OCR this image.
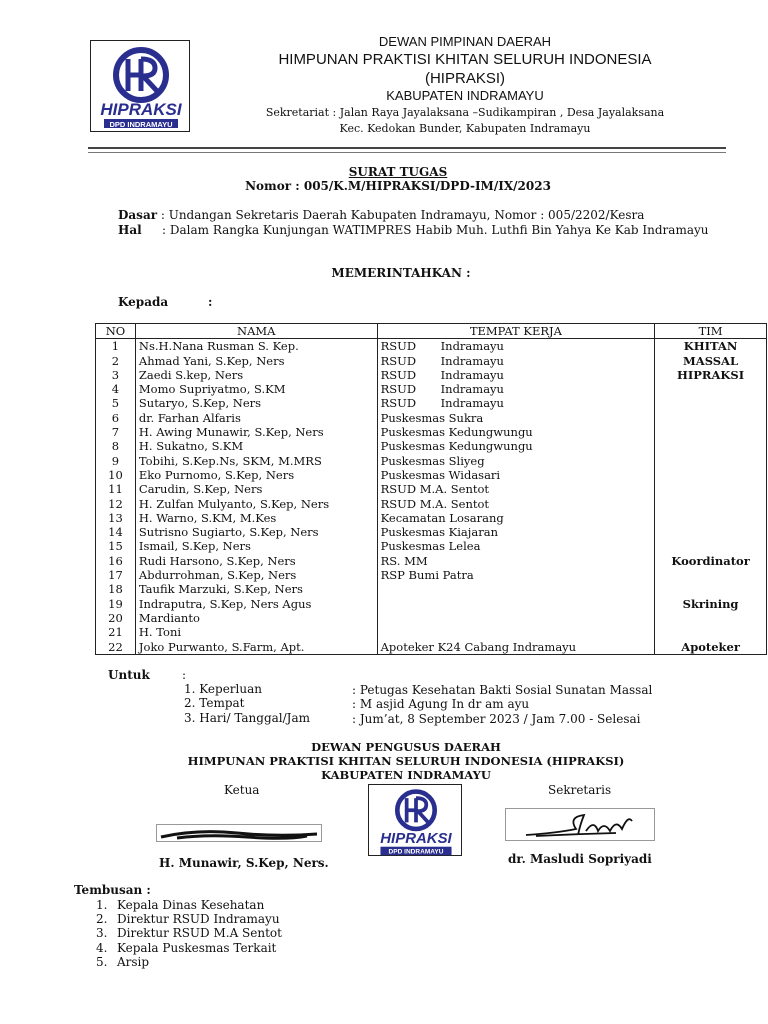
HIPRAKSI
DPD INDRAMAYU
DEWAN PIMPINAN DAERAH
HIMPUNAN PRAKTISI KHITAN SELURUH INDONESIA
(HIPRAKSI)
KABUPATEN INDRAMAYU
Sekretariat : Jalan Raya Jayalaksana –Sudikampiran , Desa Jayalaksana
Kec. Kedokan Bunder, Kabupaten Indramayu
SURAT TUGAS
Nomor : 005/K.M/HIPRAKSI/DPD-IM/IX/2023
Dasar : Undangan Sekretaris Daerah Kabupaten Indramayu, Nomor : 005/2202/Kesra
Hal : Dalam Rangka Kunjungan WATIMPRES Habib Muh. Luthfi Bin Yahya Ke Kab Indramayu
MEMERINTAHKAN :
Kepada	:
NO	NAMA	TEMPAT KERJA	TIM
1	Ns.H.Nana Rusman S. Kep.	RSUD Indramayu	KHITAN
2	Ahmad Yani, S.Kep, Ners	RSUD Indramayu	MASSAL
3	Zaedi S.kep, Ners	RSUD Indramayu	HIPRAKSI
4	Momo Supriyatmo, S.KM	RSUD Indramayu	
5	Sutaryo, S.Kep, Ners	RSUD Indramayu	
6	dr. Farhan Alfaris	Puskesmas Sukra	
7	H. Awing Munawir, S.Kep, Ners	Puskesmas Kedungwungu	
8	H. Sukatno, S.KM	Puskesmas Kedungwungu	
9	Tobihi, S.Kep.Ns, SKM, M.MRS	Puskesmas Sliyeg	
10	Eko Purnomo, S.Kep, Ners	Puskesmas Widasari	
11	Carudin, S.Kep, Ners	RSUD M.A. Sentot	
12	H. Zulfan Mulyanto, S.Kep, Ners	RSUD M.A. Sentot	
13	H. Warno, S.KM, M.Kes	Kecamatan Losarang	
14	Sutrisno Sugiarto, S.Kep, Ners	Puskesmas Kiajaran	
15	Ismail, S.Kep, Ners	Puskesmas Lelea	
16	Rudi Harsono, S.Kep, Ners	RS. MM	Koordinator
17	Abdurrohman, S.Kep, Ners	RSP Bumi Patra	
18	Taufik Marzuki, S.Kep, Ners		
19	Indraputra, S.Kep, Ners Agus		Skrining
20	Mardianto		
21	H. Toni		
22	Joko Purwanto, S.Farm, Apt.	Apoteker K24 Cabang Indramayu	Apoteker
Untuk	:
1. Keperluan	: Petugas Kesehatan Bakti Sosial Sunatan Massal
2. Tempat	: M asjid Agung In dr am ayu
3. Hari/ Tanggal/Jam	: Jum’at, 8 September 2023 / Jam 7.00 - Selesai
DEWAN PENGUSUS DAERAH
HIMPUNAN PRAKTISI KHITAN SELURUH INDONESIA (HIPRAKSI)
KABUPATEN INDRAMAYU
Ketua	Sekretaris
HIPRAKSI
DPD INDRAMAYU
H. Munawir, S.Kep, Ners.	dr. Masludi Sopriyadi
Tembusan :
1. Kepala Dinas Kesehatan
2. Direktur RSUD Indramayu
3. Direktur RSUD M.A Sentot
4. Kepala Puskesmas Terkait
5. Arsip
